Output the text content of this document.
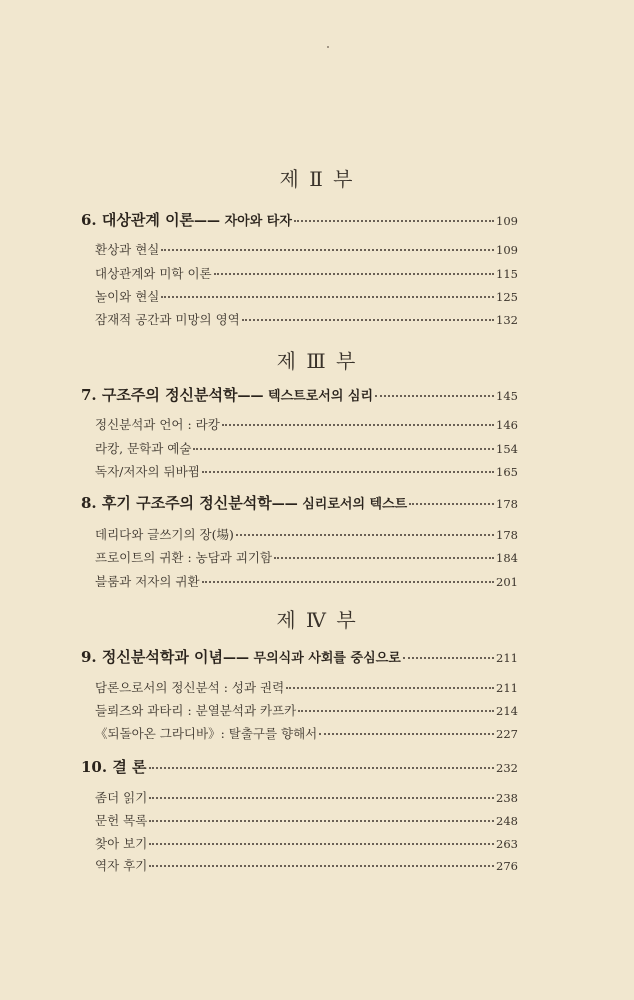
제 Ⅱ 부
6. 대상관계 이론 —— 자아와 타자	109
환상과 현실	109
대상관계와 미학 이론	115
놀이와 현실	125
잠재적 공간과 미망의 영역	132
제 Ⅲ 부
7. 구조주의 정신분석학 —— 텍스트로서의 심리	145
정신분석과 언어 : 라캉	146
라캉, 문학과 예술	154
독자/저자의 뒤바뀜	165
8. 후기 구조주의 정신분석학 —— 심리로서의 텍스트	178
데리다와 글쓰기의 장(場)	178
프로이트의 귀환 : 농담과 괴기함	184
블룸과 저자의 귀환	201
제 Ⅳ 부
9. 정신분석학과 이념 —— 무의식과 사회를 중심으로	211
담론으로서의 정신분석 : 성과 권력	211
들뢰즈와 과타리 : 분열분석과 카프카	214
《되돌아온 그라디바》: 탈출구를 향해서	227
10. 결 론	232
좀더 읽기	238
문헌 목록	248
찾아 보기	263
역자 후기	276
